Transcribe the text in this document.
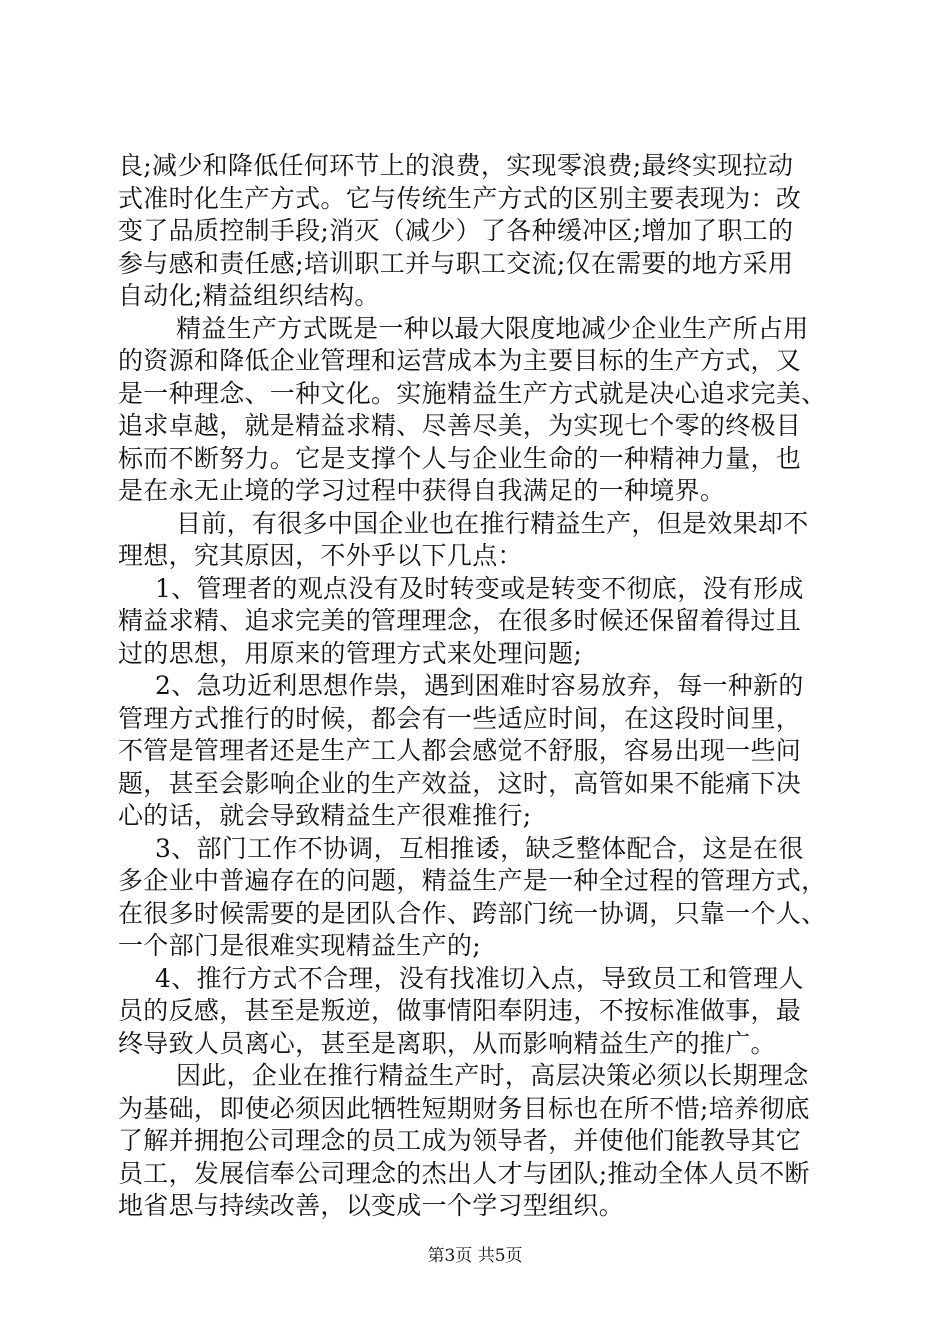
良;减少和降低任何环节上的浪费，实现零浪费;最终实现拉动
式准时化生产方式。它与传统生产方式的区别主要表现为：改
变了品质控制手段;消灭（减少）了各种缓冲区;增加了职工的
参与感和责任感;培训职工并与职工交流;仅在需要的地方采用
自动化;精益组织结构。
精益生产方式既是一种以最大限度地减少企业生产所占用
的资源和降低企业管理和运营成本为主要目标的生产方式，又
是一种理念、一种文化。实施精益生产方式就是决心追求完美、
追求卓越，就是精益求精、尽善尽美，为实现七个零的终极目
标而不断努力。它是支撑个人与企业生命的一种精神力量，也
是在永无止境的学习过程中获得自我满足的一种境界。
目前，有很多中国企业也在推行精益生产，但是效果却不
理想，究其原因，不外乎以下几点：
1、管理者的观点没有及时转变或是转变不彻底，没有形成
精益求精、追求完美的管理理念，在很多时候还保留着得过且
过的思想，用原来的管理方式来处理问题;
2、急功近利思想作祟，遇到困难时容易放弃，每一种新的
管理方式推行的时候，都会有一些适应时间，在这段时间里，
不管是管理者还是生产工人都会感觉不舒服，容易出现一些问
题，甚至会影响企业的生产效益，这时，高管如果不能痛下决
心的话，就会导致精益生产很难推行;
3、部门工作不协调，互相推诿，缺乏整体配合，这是在很
多企业中普遍存在的问题，精益生产是一种全过程的管理方式，
在很多时候需要的是团队合作、跨部门统一协调，只靠一个人、
一个部门是很难实现精益生产的;
4、推行方式不合理，没有找准切入点，导致员工和管理人
员的反感，甚至是叛逆，做事情阳奉阴违，不按标准做事，最
终导致人员离心，甚至是离职，从而影响精益生产的推广。
因此，企业在推行精益生产时，高层决策必须以长期理念
为基础，即使必须因此牺牲短期财务目标也在所不惜;培养彻底
了解并拥抱公司理念的员工成为领导者，并使他们能教导其它
员工，发展信奉公司理念的杰出人才与团队;推动全体人员不断
地省思与持续改善，以变成一个学习型组织。
第3页 共5页
